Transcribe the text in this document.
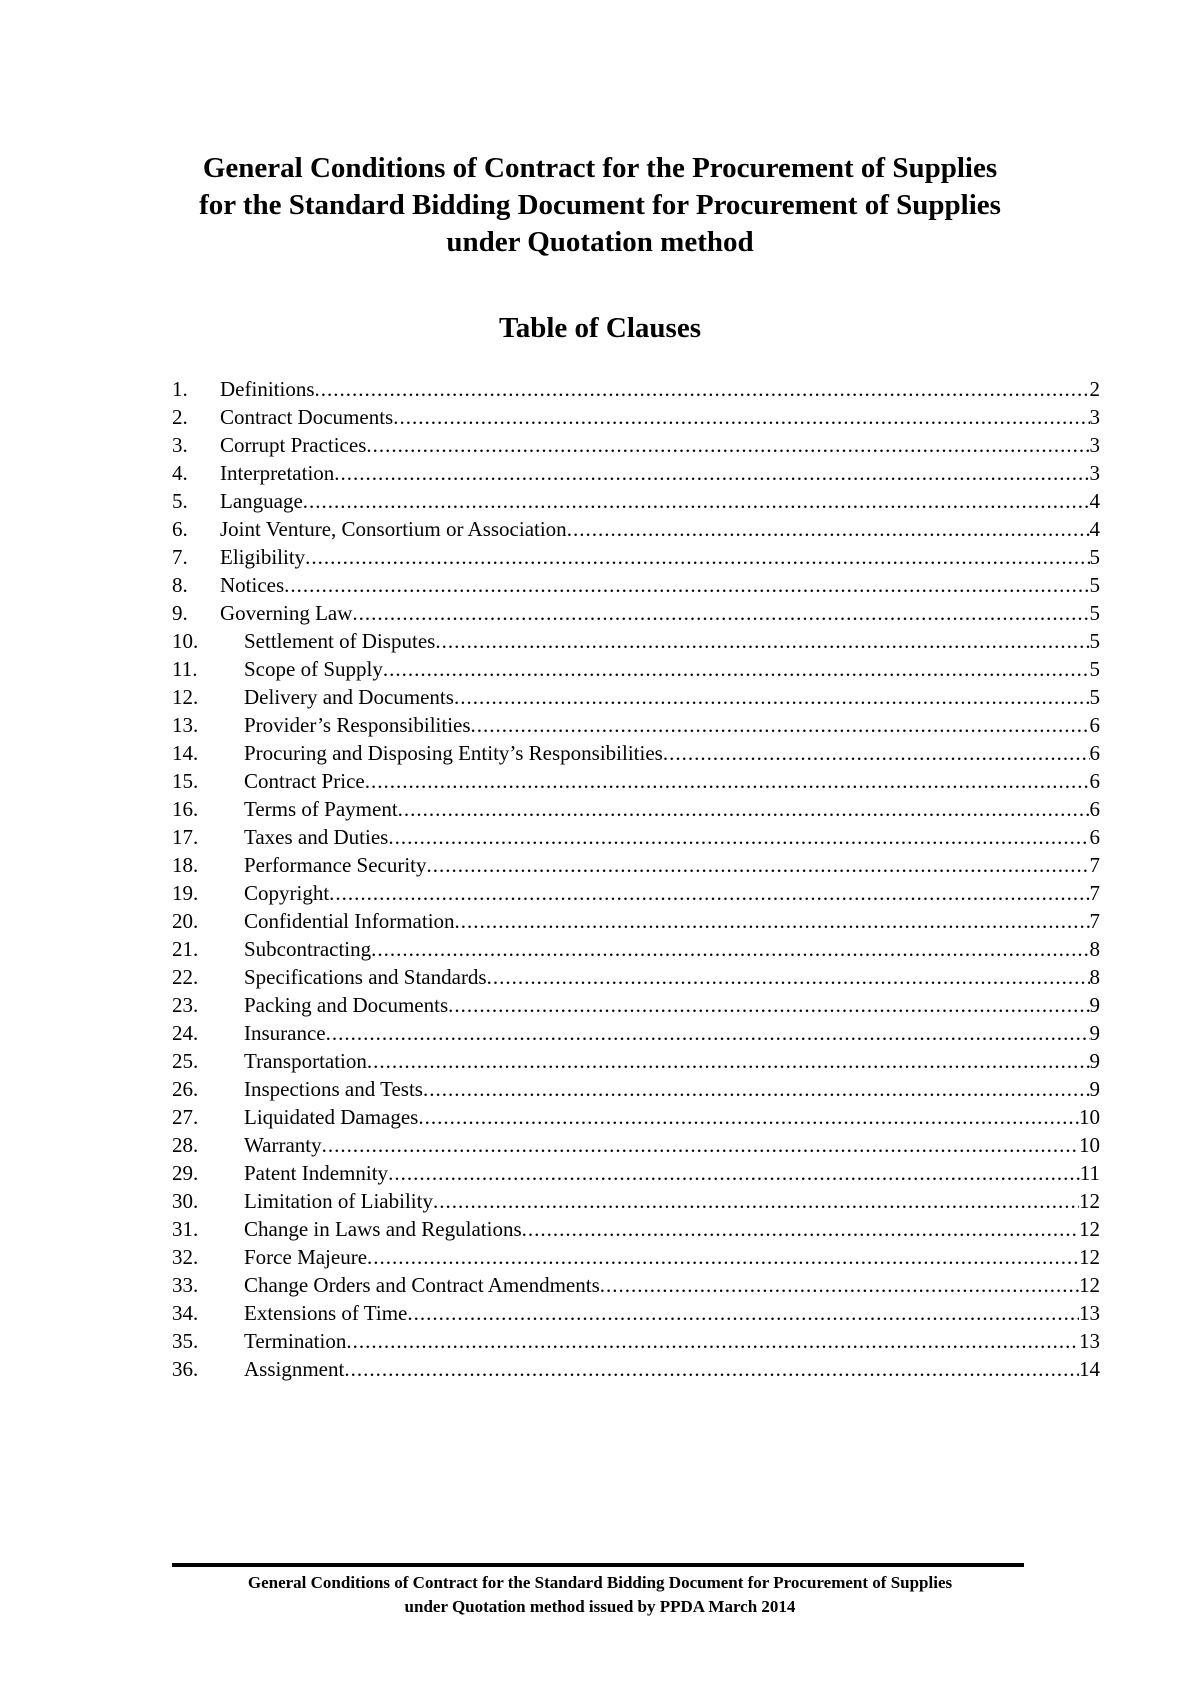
General Conditions of Contract for the Procurement of Supplies
for the Standard Bidding Document for Procurement of Supplies
under Quotation method
Table of Clauses
1.	Definitions .....	2
2.	Contract Documents .....	3
3.	Corrupt Practices .....	3
4.	Interpretation .....	3
5.	Language .....	4
6.	Joint Venture, Consortium or Association .....	4
7.	Eligibility .....	5
8.	Notices .....	5
9.	Governing Law .....	5
10.	Settlement of Disputes .....	5
11.	Scope of Supply .....	5
12.	Delivery and Documents .....	5
13.	Provider’s Responsibilities .....	6
14.	Procuring and Disposing Entity’s Responsibilities .....	6
15.	Contract Price .....	6
16.	Terms of Payment .....	6
17.	Taxes and Duties .....	6
18.	Performance Security .....	7
19.	Copyright .....	7
20.	Confidential Information .....	7
21.	Subcontracting .....	8
22.	Specifications and Standards .....	8
23.	Packing and Documents .....	9
24.	Insurance .....	9
25.	Transportation .....	9
26.	Inspections and Tests .....	9
27.	Liquidated Damages .....	10
28.	Warranty .....	10
29.	Patent Indemnity .....	11
30.	Limitation of Liability .....	12
31.	Change in Laws and Regulations .....	12
32.	Force Majeure .....	12
33.	Change Orders and Contract Amendments .....	12
34.	Extensions of Time .....	13
35.	Termination .....	13
36.	Assignment .....	14
General Conditions of Contract for the Standard Bidding Document for Procurement of Supplies
under Quotation method issued by PPDA March 2014
